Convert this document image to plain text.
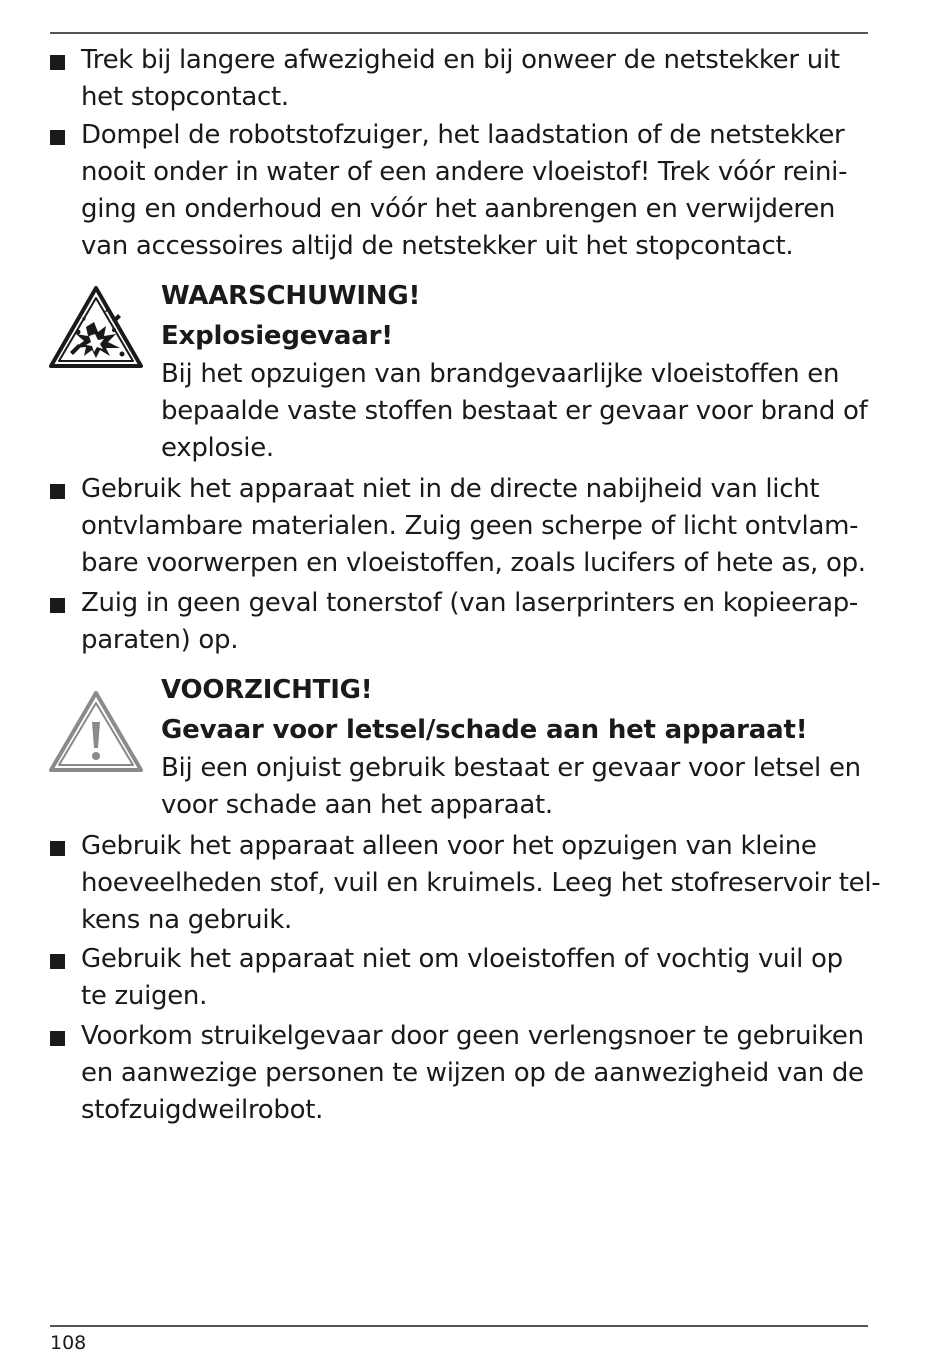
Trek bij langere afwezigheid en bij onweer de netstekker uit
het stopcontact.
Dompel de robotstofzuiger, het laadstation of de netstekker
nooit onder in water of een andere vloeistof! Trek vóór reini-
ging en onderhoud en vóór het aanbrengen en verwijderen
van accessoires altijd de netstekker uit het stopcontact.
WAARSCHUWING!
Explosiegevaar!
Bij het opzuigen van brandgevaarlijke vloeistoffen en
bepaalde vaste stoffen bestaat er gevaar voor brand of
explosie.
Gebruik het apparaat niet in de directe nabijheid van licht
ontvlambare materialen. Zuig geen scherpe of licht ontvlam-
bare voorwerpen en vloeistoffen, zoals lucifers of hete as, op.
Zuig in geen geval tonerstof (van laserprinters en kopieerap-
paraten) op.
VOORZICHTIG!
Gevaar voor letsel/schade aan het apparaat!
Bij een onjuist gebruik bestaat er gevaar voor letsel en
voor schade aan het apparaat.
Gebruik het apparaat alleen voor het opzuigen van kleine
hoeveelheden stof, vuil en kruimels. Leeg het stofreservoir tel-
kens na gebruik.
Gebruik het apparaat niet om vloeistoffen of vochtig vuil op
te zuigen.
Voorkom struikelgevaar door geen verlengsnoer te gebruiken
en aanwezige personen te wijzen op de aanwezigheid van de
stofzuigdweilrobot.
108
